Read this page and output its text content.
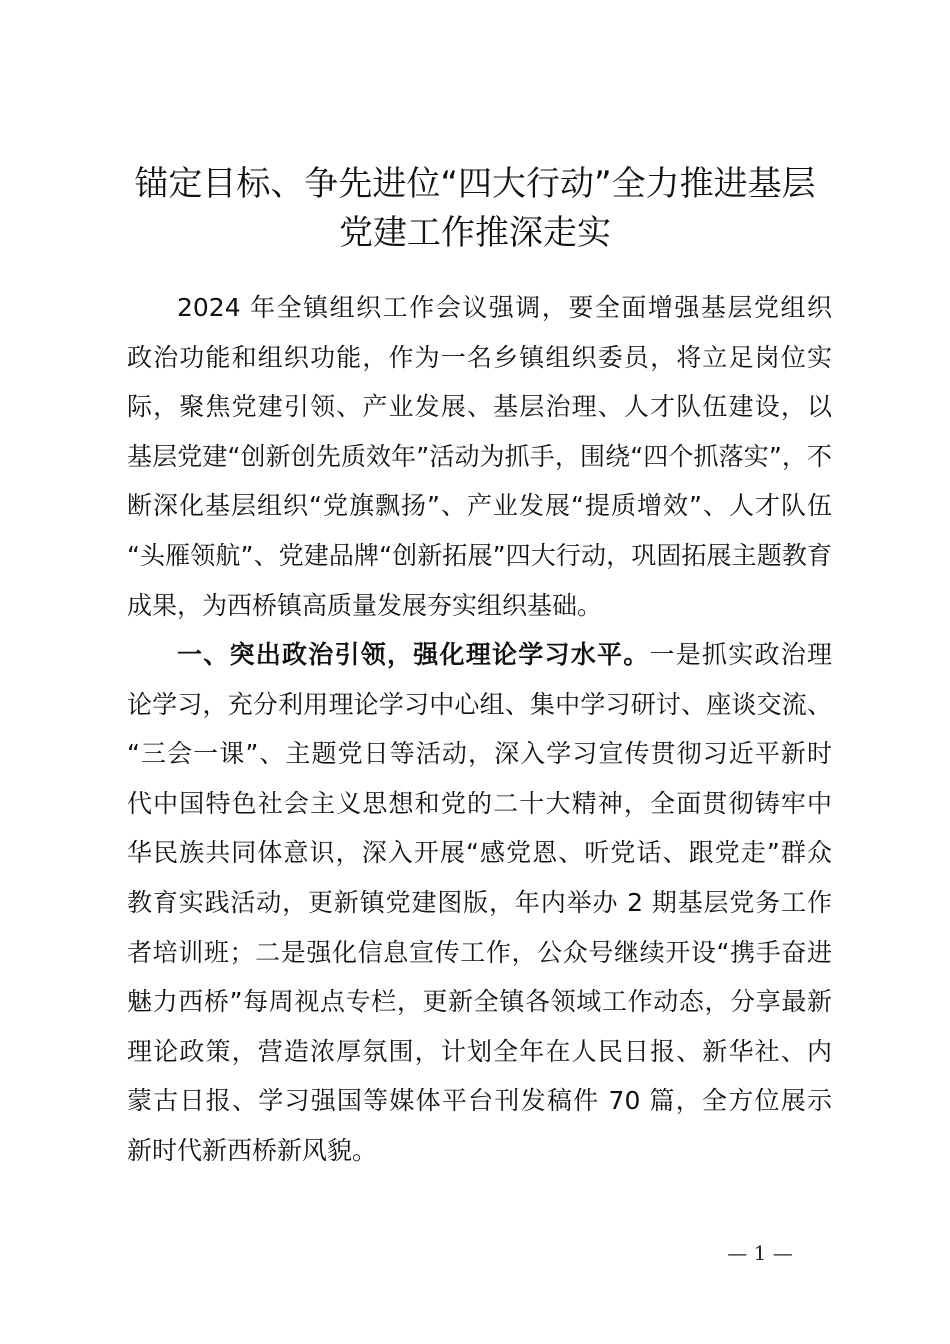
锚定目标、争先进位“四大行动”全力推进基层
党建工作推深走实
2024 年全镇组织工作会议强调，要全面增强基层党组织
政治功能和组织功能，作为一名乡镇组织委员，将立足岗位实
际，聚焦党建引领、产业发展、基层治理、人才队伍建设，以
基层党建“创新创先质效年”活动为抓手，围绕“四个抓落实”，不
断深化基层组织“党旗飘扬”、产业发展“提质增效”、人才队伍
“头雁领航”、党建品牌“创新拓展”四大行动，巩固拓展主题教育
成果，为西桥镇高质量发展夯实组织基础。
一、突出政治引领，强化理论学习水平。一是抓实政治理
论学习，充分利用理论学习中心组、集中学习研讨、座谈交流、
“三会一课”、主题党日等活动，深入学习宣传贯彻习近平新时
代中国特色社会主义思想和党的二十大精神，全面贯彻铸牢中
华民族共同体意识，深入开展“感党恩、听党话、跟党走”群众
教育实践活动，更新镇党建图版，年内举办 2 期基层党务工作
者培训班；二是强化信息宣传工作，公众号继续开设“携手奋进
魅力西桥”每周视点专栏，更新全镇各领域工作动态，分享最新
理论政策，营造浓厚氛围，计划全年在人民日报、新华社、内
蒙古日报、学习强国等媒体平台刊发稿件 70 篇，全方位展示
新时代新西桥新风貌。
— 1 —
